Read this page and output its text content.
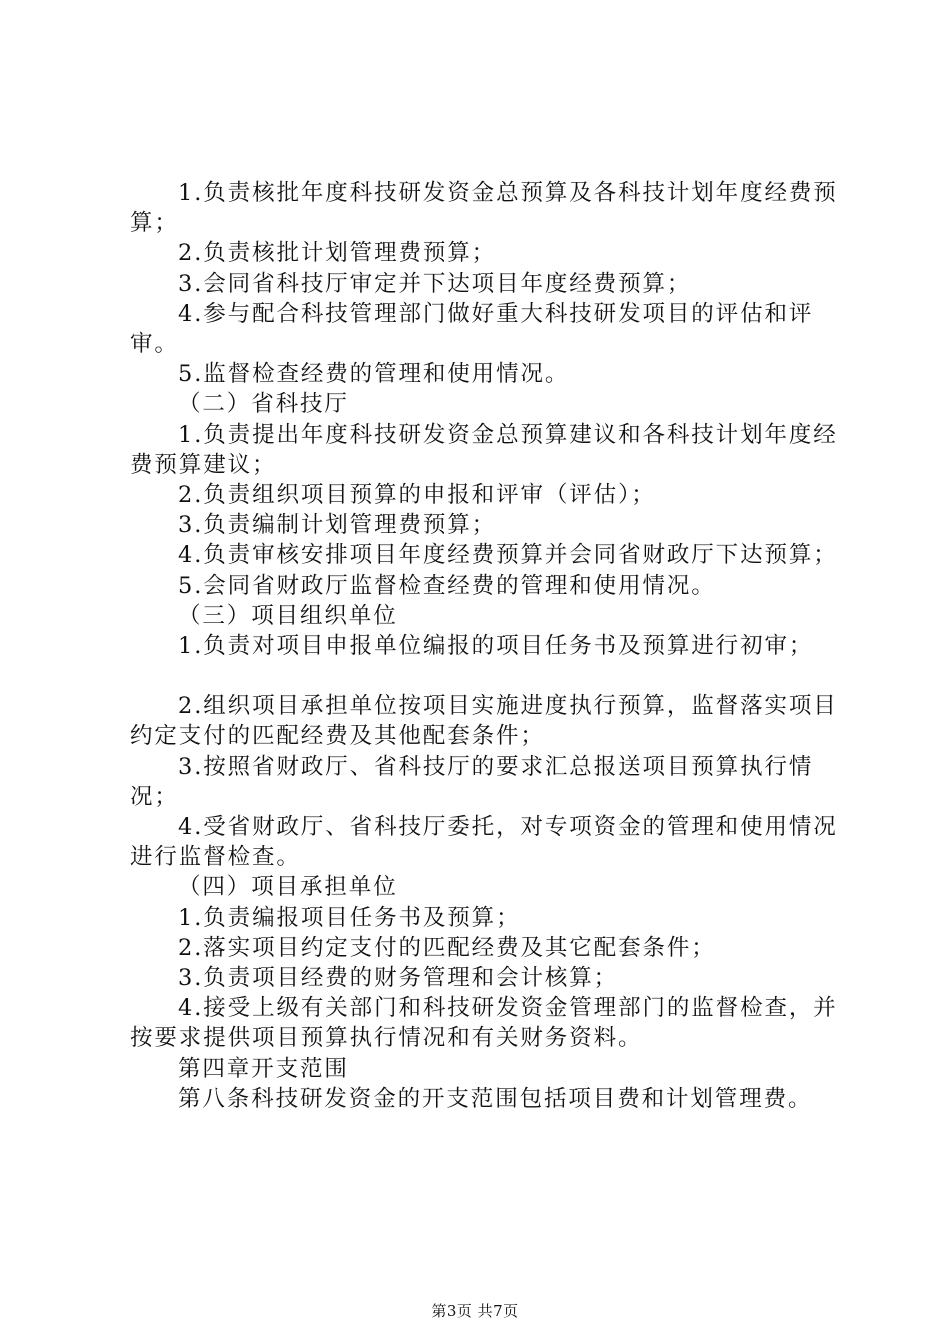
1.负责核批年度科技研发资金总预算及各科技计划年度经费预算；

2.负责核批计划管理费预算；

3.会同省科技厅审定并下达项目年度经费预算；

4.参与配合科技管理部门做好重大科技研发项目的评估和评审。

5.监督检查经费的管理和使用情况。

（二）省科技厅

1.负责提出年度科技研发资金总预算建议和各科技计划年度经费预算建议；

2.负责组织项目预算的申报和评审（评估）；

3.负责编制计划管理费预算；

4.负责审核安排项目年度经费预算并会同省财政厅下达预算；

5.会同省财政厅监督检查经费的管理和使用情况。

（三）项目组织单位

1.负责对项目申报单位编报的项目任务书及预算进行初审；

2.组织项目承担单位按项目实施进度执行预算，监督落实项目约定支付的匹配经费及其他配套条件；

3.按照省财政厅、省科技厅的要求汇总报送项目预算执行情况；

4.受省财政厅、省科技厅委托，对专项资金的管理和使用情况进行监督检查。

（四）项目承担单位

1.负责编报项目任务书及预算；

2.落实项目约定支付的匹配经费及其它配套条件；

3.负责项目经费的财务管理和会计核算；

4.接受上级有关部门和科技研发资金管理部门的监督检查，并按要求提供项目预算执行情况和有关财务资料。

第四章开支范围

第八条科技研发资金的开支范围包括项目费和计划管理费。

第3页 共7页
